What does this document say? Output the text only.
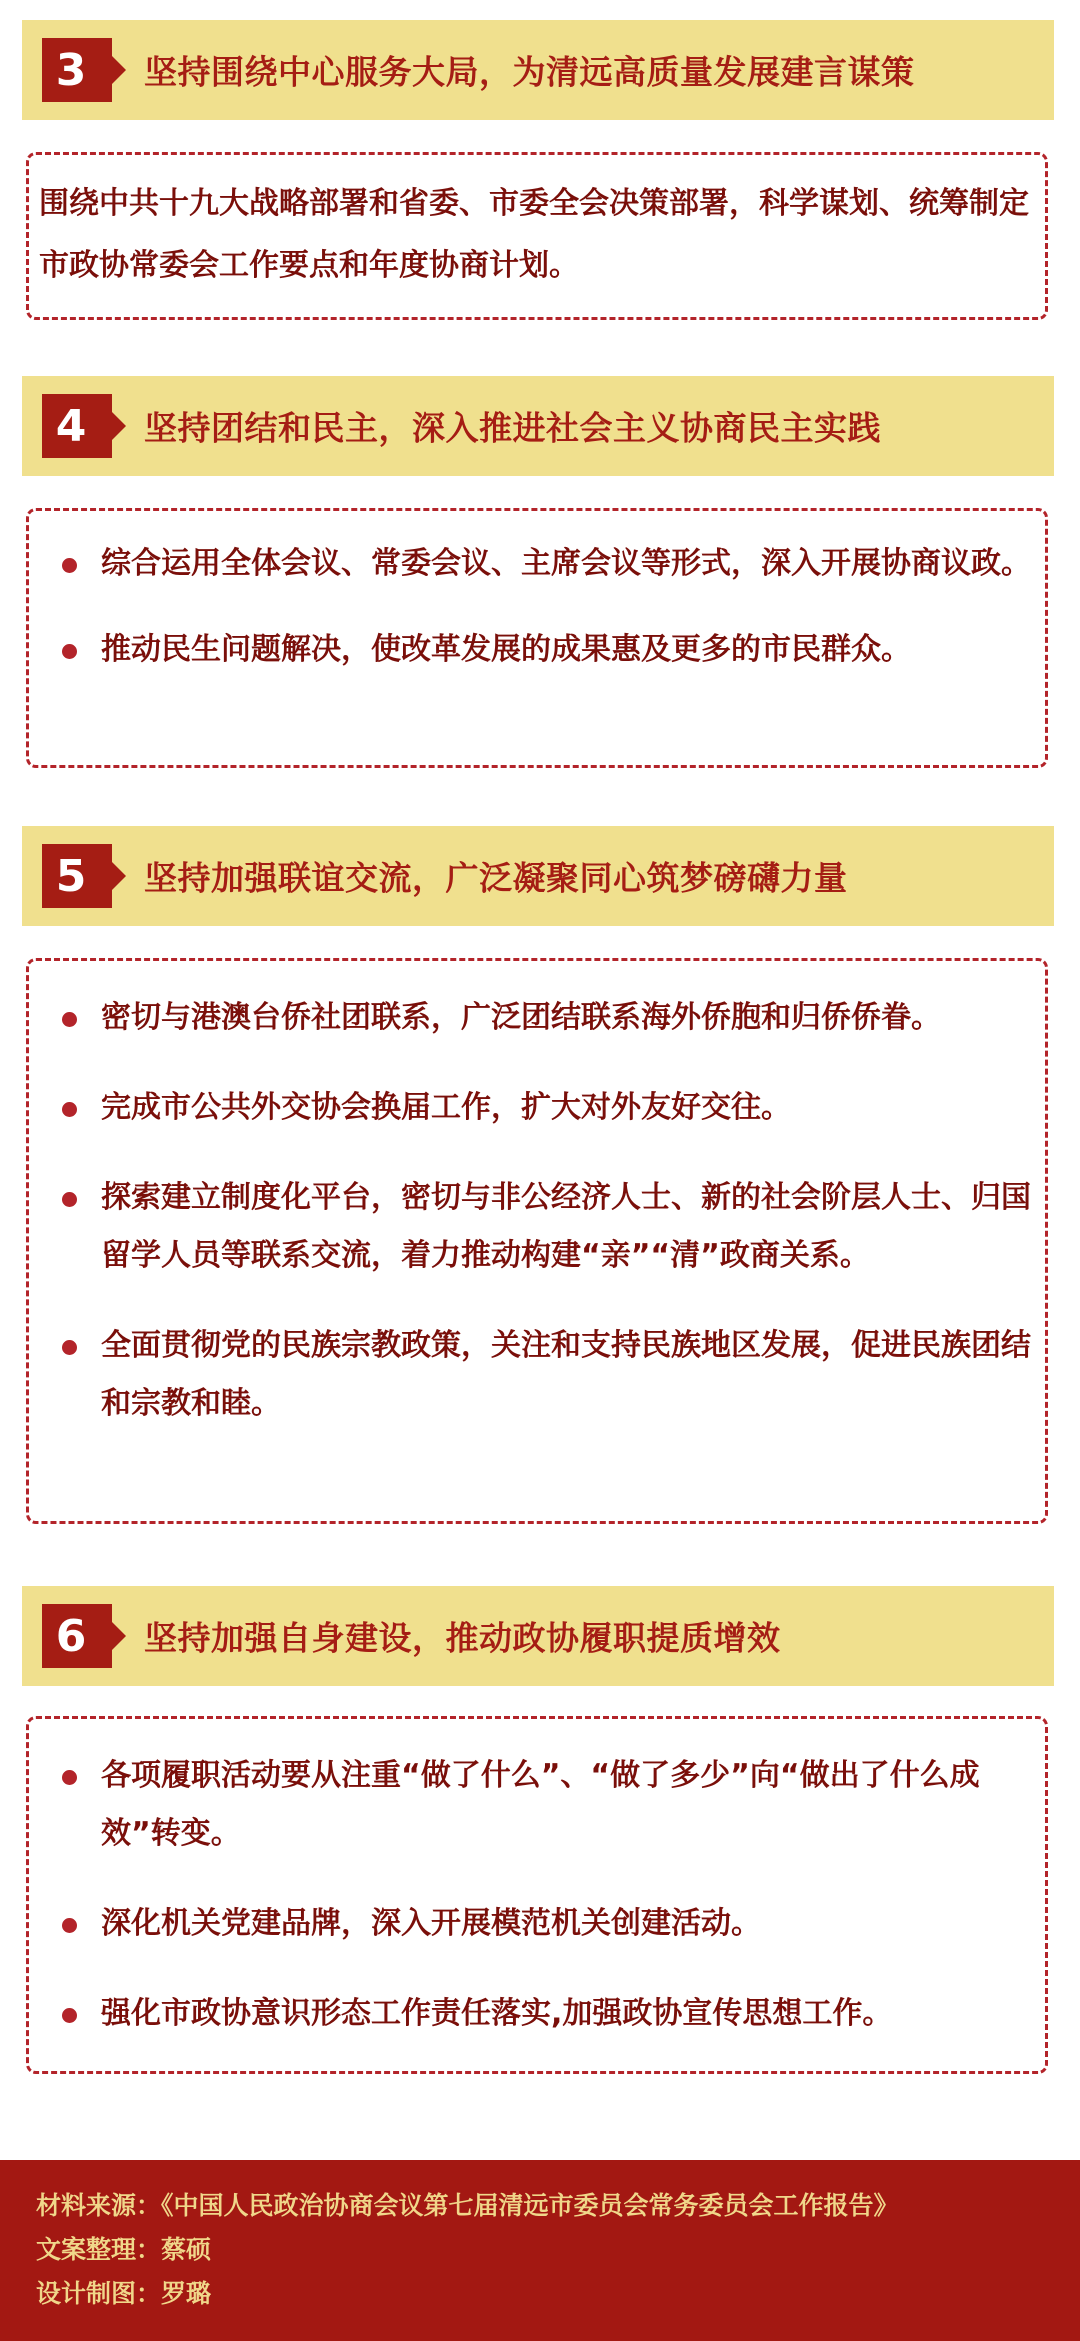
3 坚持围绕中心服务大局，为清远高质量发展建言谋策

围绕中共十九大战略部署和省委、市委全会决策部署，科学谋划、统筹制定市政协常委会工作要点和年度协商计划。

4 坚持团结和民主，深入推进社会主义协商民主实践

综合运用全体会议、常委会议、主席会议等形式，深入开展协商议政。

推动民生问题解决，使改革发展的成果惠及更多的市民群众。

5 坚持加强联谊交流，广泛凝聚同心筑梦磅礴力量

密切与港澳台侨社团联系，广泛团结联系海外侨胞和归侨侨眷。

完成市公共外交协会换届工作，扩大对外友好交往。

探索建立制度化平台，密切与非公经济人士、新的社会阶层人士、归国留学人员等联系交流，着力推动构建“亲”“清”政商关系。

全面贯彻党的民族宗教政策，关注和支持民族地区发展，促进民族团结和宗教和睦。

6 坚持加强自身建设，推动政协履职提质增效

各项履职活动要从注重“做了什么”、“做了多少”向“做出了什么成效”转变。

深化机关党建品牌，深入开展模范机关创建活动。

强化市政协意识形态工作责任落实,加强政协宣传思想工作。

材料来源：《中国人民政治协商会议第七届清远市委员会常务委员会工作报告》

文案整理：蔡硕

设计制图：罗璐
